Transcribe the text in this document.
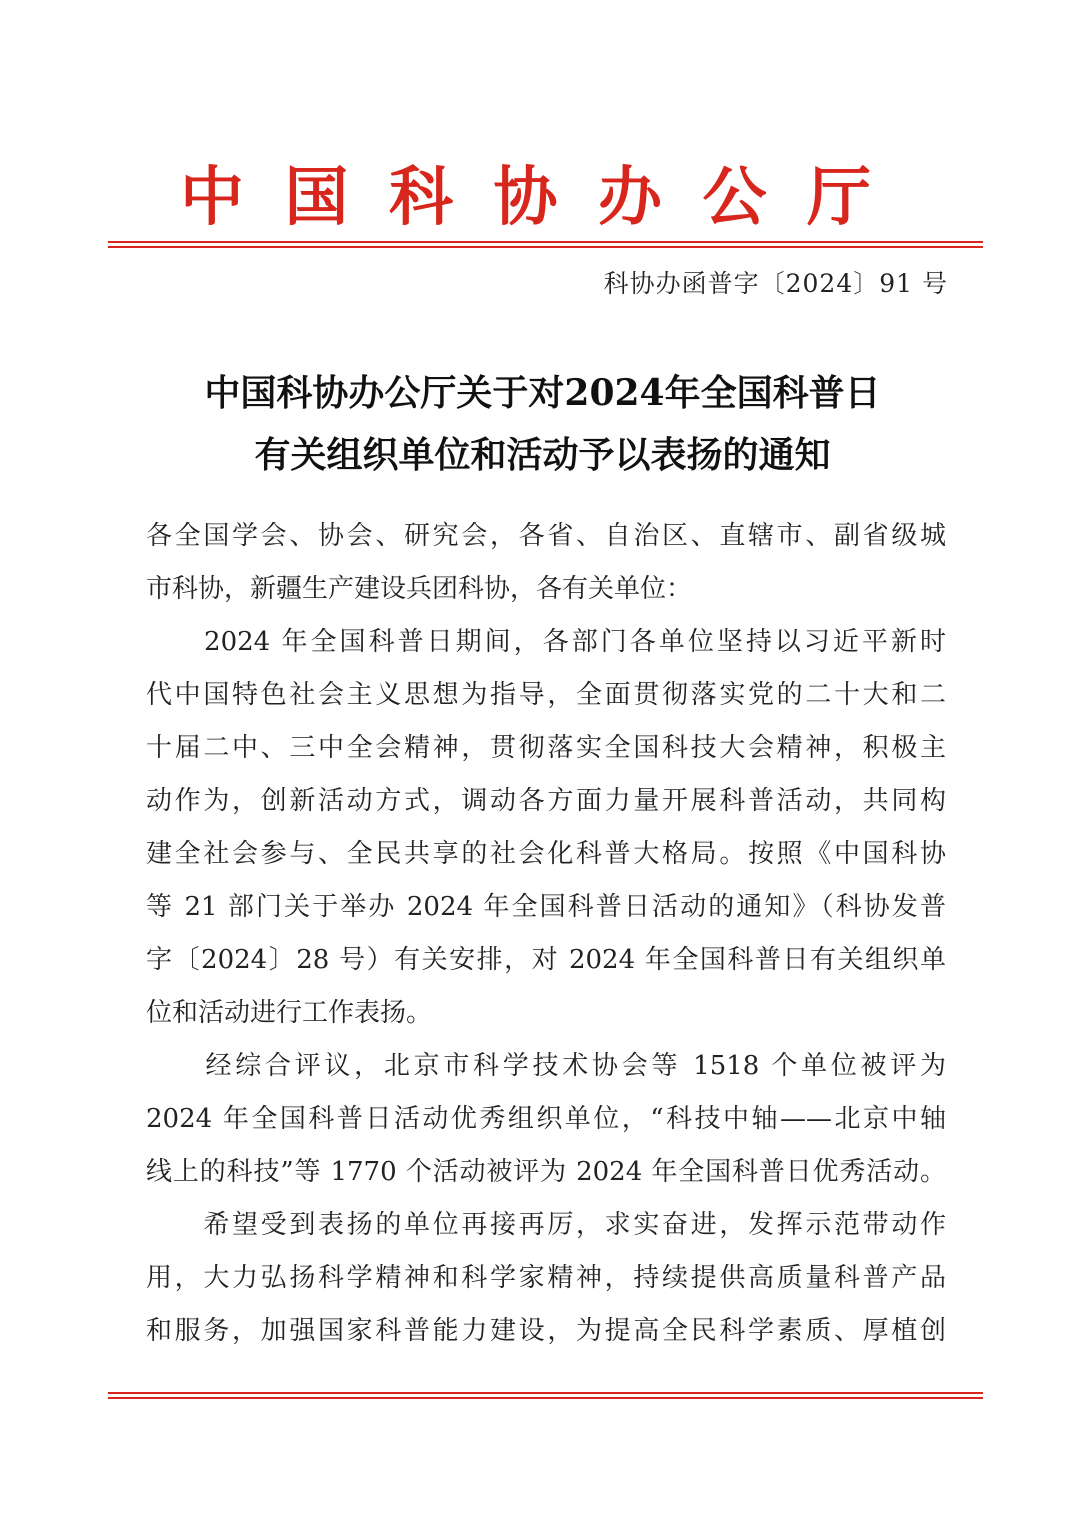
中 国 科 协 办 公 厅
科协办函普字〔2024〕91 号
中国科协办公厅关于对2024年全国科普日
有关组织单位和活动予以表扬的通知
各全国学会、协会、研究会，各省、自治区、直辖市、副省级城
市科协，新疆生产建设兵团科协，各有关单位：
　　2024 年全国科普日期间，各部门各单位坚持以习近平新时
代中国特色社会主义思想为指导，全面贯彻落实党的二十大和二
十届二中、三中全会精神，贯彻落实全国科技大会精神，积极主
动作为，创新活动方式，调动各方面力量开展科普活动，共同构
建全社会参与、全民共享的社会化科普大格局。按照《中国科协
等 21 部门关于举办 2024 年全国科普日活动的通知》（科协发普
字〔2024〕28 号）有关安排，对 2024 年全国科普日有关组织单
位和活动进行工作表扬。
　　经综合评议，北京市科学技术协会等 1518 个单位被评为
2024 年全国科普日活动优秀组织单位，“科技中轴——北京中轴
线上的科技”等 1770 个活动被评为 2024 年全国科普日优秀活动。
　　希望受到表扬的单位再接再厉，求实奋进，发挥示范带动作
用，大力弘扬科学精神和科学家精神，持续提供高质量科普产品
和服务，加强国家科普能力建设，为提高全民科学素质、厚植创
